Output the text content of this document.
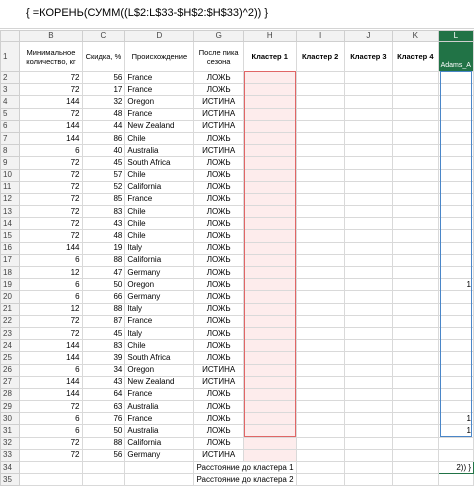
{ =КОРЕНЬ(СУММ((L$2:L$33-$H$2:$H$33)^2)) }
	B	C	D	G	H	I	J	K	L
1	Минимальное количество, кг	Скидка, %	Происхождение	После пика сезона	Кластер 1	Кластер 2	Кластер 3	Кластер 4	Adams_A
2	72	56	France	ЛОЖЬ					
3	72	17	France	ЛОЖЬ					
4	144	32	Oregon	ИСТИНА					
5	72	48	France	ИСТИНА					
6	144	44	New Zealand	ИСТИНА					
7	144	86	Chile	ЛОЖЬ					
8	6	40	Australia	ИСТИНА					
9	72	45	South Africa	ЛОЖЬ					
10	72	57	Chile	ЛОЖЬ					
11	72	52	California	ЛОЖЬ					
12	72	85	France	ЛОЖЬ					
13	72	83	Chile	ЛОЖЬ					
14	72	43	Chile	ЛОЖЬ					
15	72	48	Chile	ЛОЖЬ					
16	144	19	Italy	ЛОЖЬ					
17	6	88	California	ЛОЖЬ					
18	12	47	Germany	ЛОЖЬ					
19	6	50	Oregon	ЛОЖЬ					1
20	6	66	Germany	ЛОЖЬ					
21	12	88	Italy	ЛОЖЬ					
22	72	87	France	ЛОЖЬ					
23	72	45	Italy	ЛОЖЬ					
24	144	83	Chile	ЛОЖЬ					
25	144	39	South Africa	ЛОЖЬ					
26	6	34	Oregon	ИСТИНА					
27	144	43	New Zealand	ИСТИНА					
28	144	64	France	ЛОЖЬ					
29	72	63	Australia	ЛОЖЬ					
30	6	76	France	ЛОЖЬ					1
31	6	50	Australia	ЛОЖЬ					1
32	72	88	California	ЛОЖЬ					
33	72	56	Germany	ИСТИНА					
34				Расстояние до кластера 1					2)) }
35				Расстояние до кластера 2					
